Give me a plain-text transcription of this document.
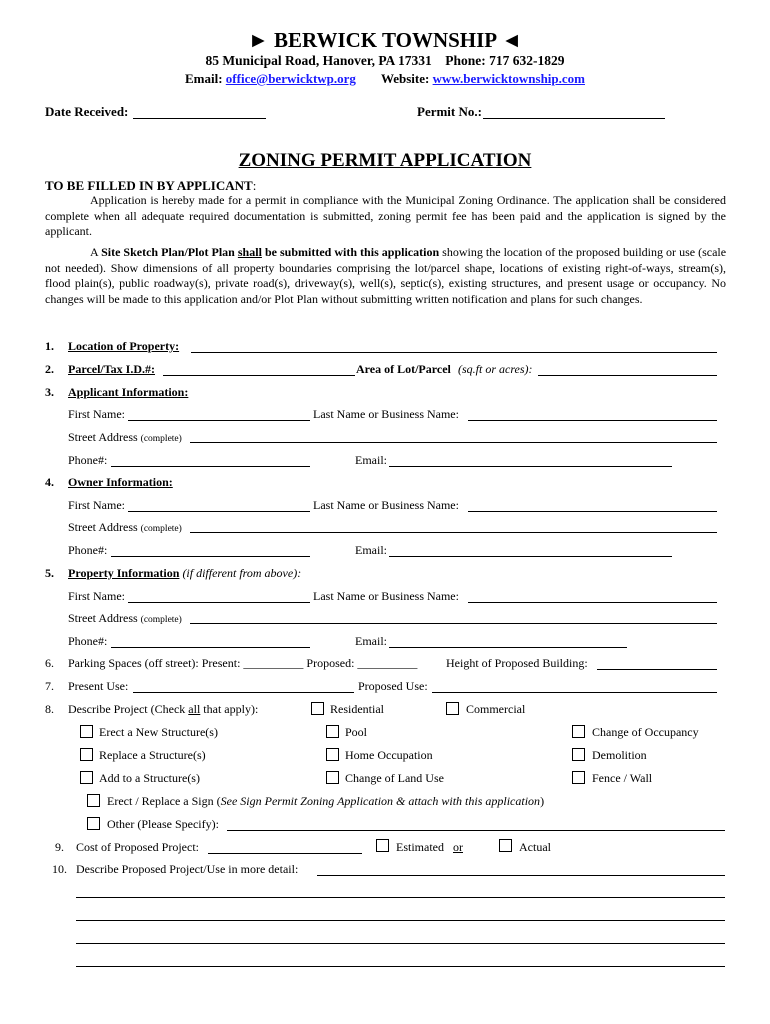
► BERWICK TOWNSHIP ◄
85 Municipal Road, Hanover, PA 17331 Phone: 717 632-1829
Email: office@berwicktwp.org Website: www.berwicktownship.com
Date Received:	Permit No.:
ZONING PERMIT APPLICATION
TO BE FILLED IN BY APPLICANT:
Application is hereby made for a permit in compliance with the Municipal Zoning Ordinance. The application shall be considered complete when all adequate required documentation is submitted, zoning permit fee has been paid and the application is signed by the applicant.
A Site Sketch Plan/Plot Plan shall be submitted with this application showing the location of the proposed building or use (scale not needed). Show dimensions of all property boundaries comprising the lot/parcel shape, locations of existing right-of-ways, stream(s), flood plain(s), public roadway(s), private road(s), driveway(s), well(s), septic(s), existing structures, and present usage or occupancy. No changes will be made to this application and/or Plot Plan without submitting written notification and plans for such changes.
1. Location of Property:
2. Parcel/Tax I.D.#:	Area of Lot/Parcel (sq.ft or acres):
3. Applicant Information:
First Name:	Last Name or Business Name:
Street Address (complete)
Phone#:	Email:
4. Owner Information:
First Name:	Last Name or Business Name:
Street Address (complete)
Phone#:	Email:
5. Property Information (if different from above):
First Name:	Last Name or Business Name:
Street Address (complete)
Phone#:	Email:
6. Parking Spaces (off street): Present: __________ Proposed: __________ Height of Proposed Building:
7. Present Use:	Proposed Use:
8. Describe Project (Check all that apply):	Residential	Commercial
Erect a New Structure(s)	Pool	Change of Occupancy
Replace a Structure(s)	Home Occupation	Demolition
Add to a Structure(s)	Change of Land Use	Fence / Wall
Erect / Replace a Sign (See Sign Permit Zoning Application & attach with this application)
Other (Please Specify):
9. Cost of Proposed Project:	Estimated or	Actual
10. Describe Proposed Project/Use in more detail:
